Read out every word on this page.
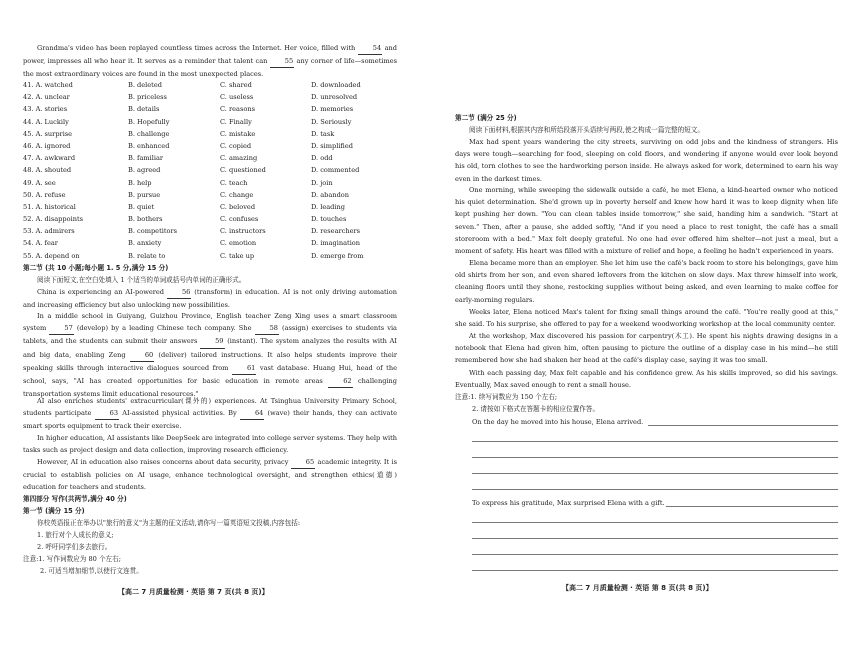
Grandma's video has been replayed countless times across the Internet. Her voice, filled with 54 and power, impresses all who hear it. It serves as a reminder that talent can 55 any corner of life—sometimes the most extraordinary voices are found in the most unexpected places.
41. A. watched	B. deleted	C. shared	D. downloaded
42. A. unclear	B. priceless	C. useless	D. unresolved
43. A. stories	B. details	C. reasons	D. memories
44. A. Luckily	B. Hopefully	C. Finally	D. Seriously
45. A. surprise	B. challenge	C. mistake	D. task
46. A. ignored	B. enhanced	C. copied	D. simplified
47. A. awkward	B. familiar	C. amazing	D. odd
48. A. shouted	B. agreed	C. questioned	D. commented
49. A. see	B. help	C. teach	D. join
50. A. refuse	B. pursue	C. change	D. abandon
51. A. historical	B. quiet	C. beloved	D. leading
52. A. disappoints	B. bothers	C. confuses	D. touches
53. A. admirers	B. competitors	C. instructors	D. researchers
54. A. fear	B. anxiety	C. emotion	D. imagination
55. A. depend on	B. relate to	C. take up	D. emerge from
第二节 (共 10 小题;每小题 1. 5 分,满分 15 分)
阅读下面短文,在空白处填入 1 个适当的单词或括号内单词的正确形式。
China is experiencing an AI-powered 56 (transform) in education. AI is not only driving automation and increasing efficiency but also unlocking new possibilities.
In a middle school in Guiyang, Guizhou Province, English teacher Zeng Xing uses a smart classroom system 57 (develop) by a leading Chinese tech company. She 58 (assign) exercises to students via tablets, and the students can submit their answers 59 (instant). The system analyzes the results with AI and big data, enabling Zeng 60 (deliver) tailored instructions. It also helps students improve their speaking skills through interactive dialogues sourced from 61 vast database. Huang Hui, head of the school, says, "AI has created opportunities for basic education in remote areas 62 challenging transportation systems limit educational resources."
AI also enriches students' extracurricular(课外的) experiences. At Tsinghua University Primary School, students participate 63 AI-assisted physical activities. By 64 (wave) their hands, they can activate smart sports equipment to track their exercise.
In higher education, AI assistants like DeepSeek are integrated into college server systems. They help with tasks such as project design and data collection, improving research efficiency.
However, AI in education also raises concerns about data security, privacy 65 academic integrity. It is crucial to establish policies on AI usage, enhance technological oversight, and strengthen ethics(道德) education for teachers and students.
第四部分 写作(共两节,满分 40 分)
第一节 (满分 15 分)
你校英语报正在举办以"旅行的意义"为主题的征文活动,请你写一篇英语短文投稿,内容包括:
1. 旅行对个人成长的意义;
2. 呼吁同学们多去旅行。
注意:1. 写作词数应为 80 个左右;
2. 可适当增加细节,以使行文连贯。
【高二 7 月质量检测 · 英语 第 7 页(共 8 页)】
第二节 (满分 25 分)
阅读下面材料,根据其内容和所给段落开头语续写两段,使之构成一篇完整的短文。
Max had spent years wandering the city streets, surviving on odd jobs and the kindness of strangers. His days were tough—searching for food, sleeping on cold floors, and wondering if anyone would ever look beyond his old, torn clothes to see the hardworking person inside. He always asked for work, determined to earn his way even in the darkest times.
One morning, while sweeping the sidewalk outside a café, he met Elena, a kind-hearted owner who noticed his quiet determination. She'd grown up in poverty herself and knew how hard it was to keep dignity when life kept pushing her down. "You can clean tables inside tomorrow," she said, handing him a sandwich. "Start at seven." Then, after a pause, she added softly, "And if you need a place to rest tonight, the café has a small storeroom with a bed." Max felt deeply grateful. No one had ever offered him shelter—not just a meal, but a moment of safety. His heart was filled with a mixture of relief and hope, a feeling he hadn't experienced in years.
Elena became more than an employer. She let him use the café's back room to store his belongings, gave him old shirts from her son, and even shared leftovers from the kitchen on slow days. Max threw himself into work, cleaning floors until they shone, restocking supplies without being asked, and even learning to make coffee for early-morning regulars.
Weeks later, Elena noticed Max's talent for fixing small things around the café. "You're really good at this," she said. To his surprise, she offered to pay for a weekend woodworking workshop at the local community center.
At the workshop, Max discovered his passion for carpentry(木工). He spent his nights drawing designs in a notebook that Elena had given him, often pausing to picture the outline of a display case in his mind—he still remembered how she had shaken her head at the café's display case, saying it was too small.
With each passing day, Max felt capable and his confidence grew. As his skills improved, so did his savings. Eventually, Max saved enough to rent a small house.
注意:1. 续写词数应为 150 个左右;
2. 请按如下格式在答题卡的相应位置作答。
【高二 7 月质量检测 · 英语 第 8 页(共 8 页)】
On the day he moved into his house, Elena arrived.
To express his gratitude, Max surprised Elena with a gift.
